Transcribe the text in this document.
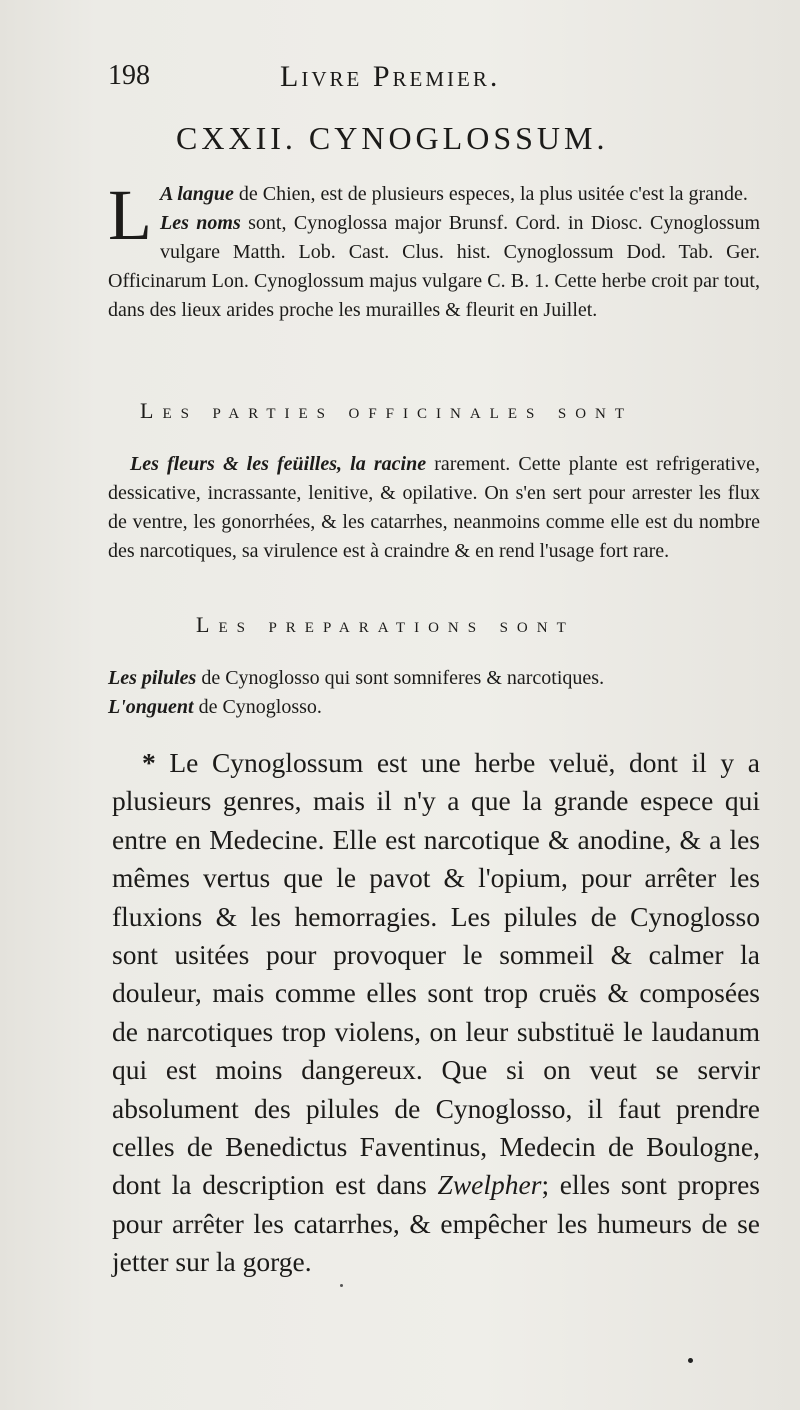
198	Livre Premier.
CXXII. CYNOGLOSSUM.
L A langue de Chien, est de plusieurs especes, la plus usitée c'est la grande.

Les noms sont, Cynoglossa major Brunsf. Cord. in Diosc. Cynoglossum vulgare Matth. Lob. Cast. Clus. hist. Cynoglossum Dod. Tab. Ger. Officinarum Lon. Cynoglossum majus vulgare C. B. 1. Cette herbe croit par tout, dans des lieux arides proche les murailles & fleurit en Juillet.

Les parties officinales sont

Les fleurs & les feüilles, la racine rarement. Cette plante est refrigerative, dessicative, incrassante, lenitive, & opilative. On s'en sert pour arrester les flux de ventre, les gonorrhées, & les catarrhes, neanmoins comme elle est du nombre des narcotiques, sa virulence est à craindre & en rend l'usage fort rare.

Les preparations sont

Les pilules de Cynoglosso qui sont somniferes & narcotiques.

L'onguent de Cynoglosso.

* Le Cynoglossum est une herbe veluë, dont il y a plusieurs genres, mais il n'y a que la grande espece qui entre en Medecine. Elle est narcotique & anodine, & a les mêmes vertus que le pavot & l'opium, pour arrêter les fluxions & les hemorragies. Les pilules de Cynoglosso sont usitées pour provoquer le sommeil & calmer la douleur, mais comme elles sont trop cruës & composées de narcotiques trop violens, on leur substituë le laudanum qui est moins dangereux. Que si on veut se servir absolument des pilules de Cynoglosso, il faut prendre celles de Benedictus Faventinus, Medecin de Boulogne, dont la description est dans Zwelpher; elles sont propres pour arrêter les catarrhes, & empêcher les humeurs de se jetter sur la gorge.
